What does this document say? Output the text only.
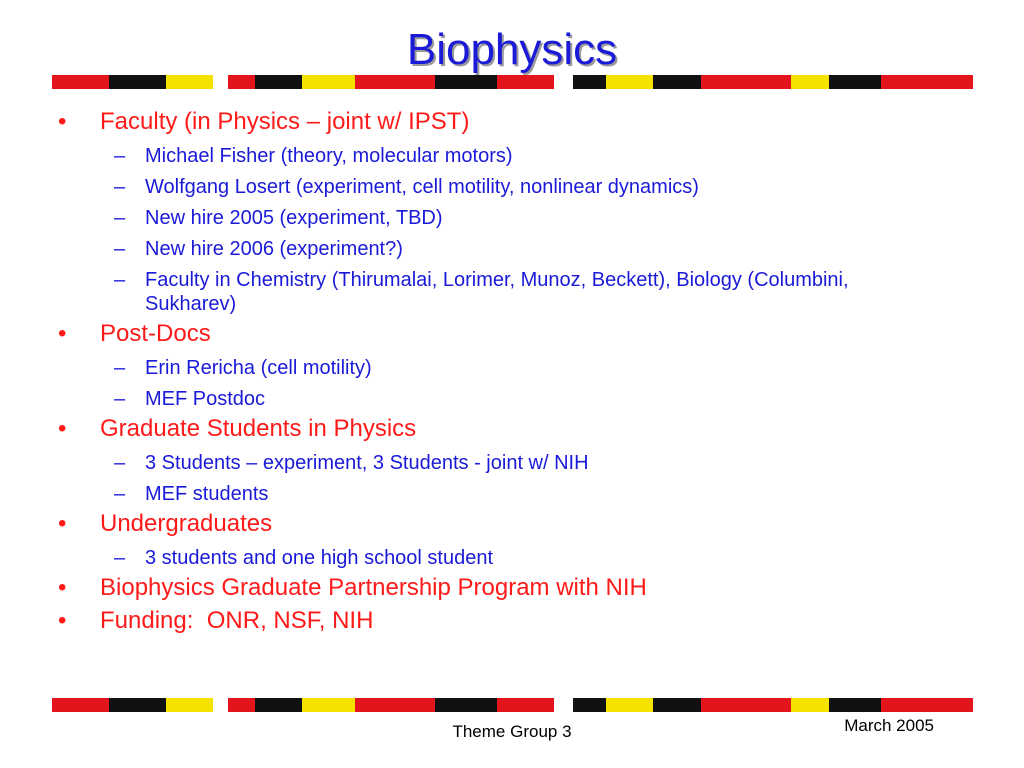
Biophysics
• Faculty (in Physics – joint w/ IPST)
– Michael Fisher (theory, molecular motors)
– Wolfgang Losert (experiment, cell motility, nonlinear dynamics)
– New hire 2005 (experiment, TBD)
– New hire 2006 (experiment?)
– Faculty in Chemistry (Thirumalai, Lorimer, Munoz, Beckett), Biology (Columbini, Sukharev)
• Post-Docs
– Erin Rericha (cell motility)
– MEF Postdoc
• Graduate Students in Physics
– 3 Students – experiment, 3 Students - joint w/ NIH
– MEF students
• Undergraduates
– 3 students and one high school student
• Biophysics Graduate Partnership Program with NIH
• Funding:  ONR, NSF, NIH
Theme Group 3	March 2005
